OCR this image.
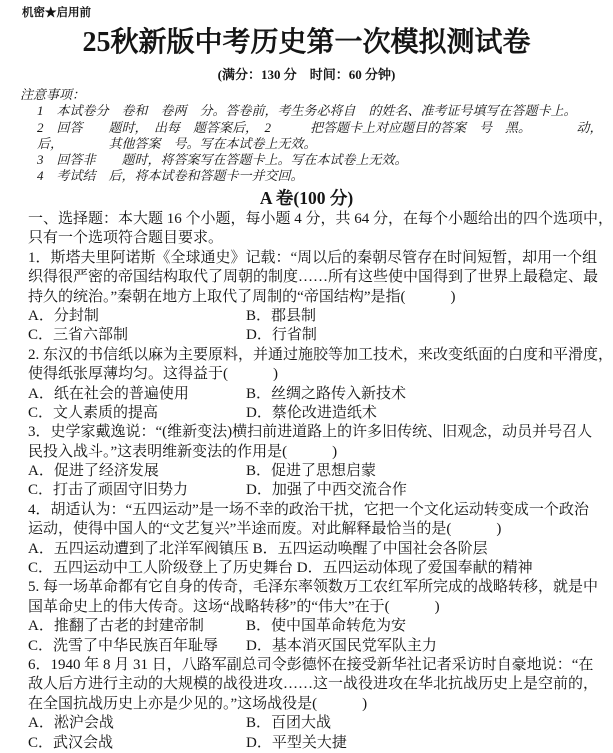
机密★启用前
25秋新版中考历史第一次模拟测试卷
(满分：130 分　时间：60 分钟)
注意事项：
1　本试卷分　卷和　卷两　分。答卷前，考生务必将自　的姓名、准考证号填写在答题卡上。
2　回答　　题时，　出每　题答案后，　2　　　把答题卡上对应题目的答案　号　黑。　　　　动，
后，　　　　其他答案　号。写在本试卷上无效。
3　回答非　　题时，将答案写在答题卡上。写在本试卷上无效。
4　考试结　后，将本试卷和答题卡一并交回。
A 卷(100 分)
一、选择题：本大题 16 个小题，每小题 4 分，共 64 分，在每个小题给出的四个选项中，
只有一个选项符合题目要求。
1．斯塔夫里阿诺斯《全球通史》记载：“周以后的秦朝尽管存在时间短暂，却用一个组
织得很严密的帝国结构取代了周朝的制度……所有这些使中国得到了世界上最稳定、最
持久的统治。”秦朝在地方上取代了周制的“帝国结构”是指(　　　)
A．分封制	B．郡县制
C．三省六部制	D．行省制
2. 东汉的书信纸以麻为主要原料，并通过施胶等加工技术，来改变纸面的白度和平滑度，
使得纸张厚薄均匀。这得益于(　　　)
A．纸在社会的普遍使用	B．丝绸之路传入新技术
C．文人素质的提高	D．蔡伦改进造纸术
3．史学家戴逸说：“(维新变法)横扫前进道路上的许多旧传统、旧观念，动员并号召人
民投入战斗。”这表明维新变法的作用是(　　　)
A．促进了经济发展	B．促进了思想启蒙
C．打击了顽固守旧势力	D．加强了中西交流合作
4．胡适认为：“五四运动”是一场不幸的政治干扰，它把一个文化运动转变成一个政治
运动，使得中国人的“文艺复兴”半途而废。对此解释最恰当的是(　　　)
A．五四运动遭到了北洋军阀镇压 B．五四运动唤醒了中国社会各阶层
C．五四运动中工人阶级登上了历史舞台 D．五四运动体现了爱国奉献的精神
5. 每一场革命都有它自身的传奇，毛泽东率领数万工农红军所完成的战略转移，就是中
国革命史上的伟大传奇。这场“战略转移”的“伟大”在于(　　　)
A．推翻了古老的封建帝制	B．使中国革命转危为安
C．洗雪了中华民族百年耻辱 D．基本消灭国民党军队主力
6．1940 年 8 月 31 日，八路军副总司令彭德怀在接受新华社记者采访时自豪地说：“在
敌人后方进行主动的大规模的战役进攻……这一战役进攻在华北抗战历史上是空前的，
在全国抗战历史上亦是少见的。”这场战役是(　　　)
A．淞沪会战	B．百团大战
C．武汉会战	D．平型关大捷
